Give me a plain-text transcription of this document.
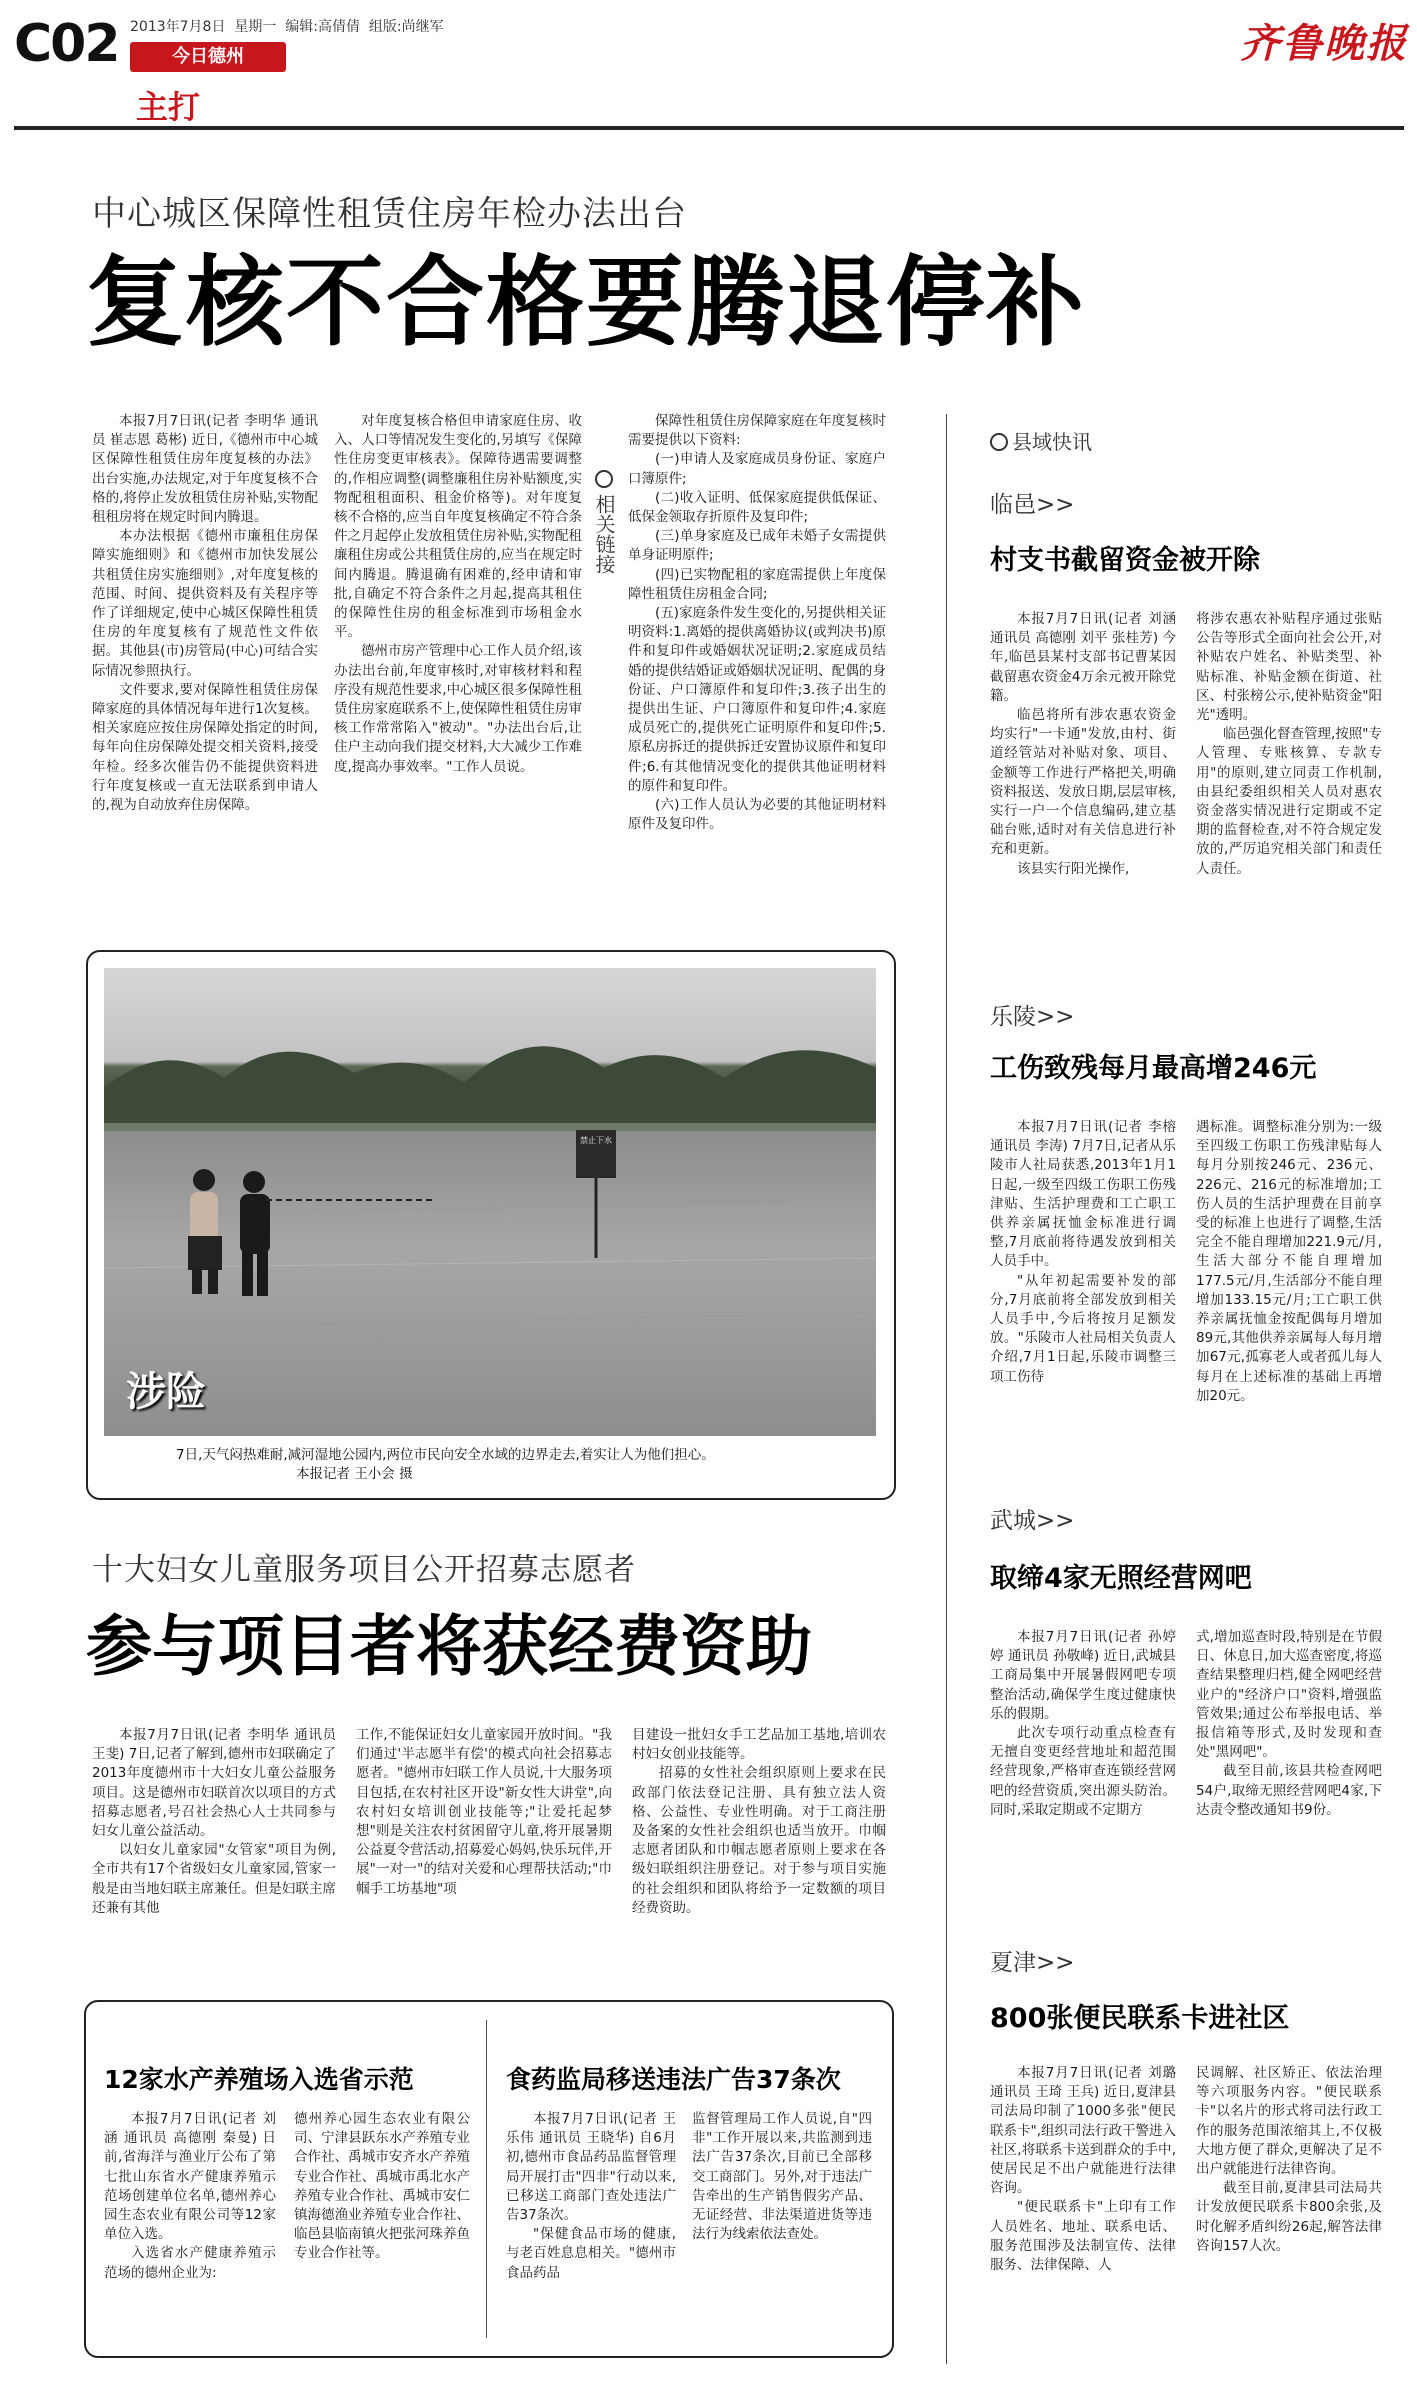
C02 2013年7月8日  星期一  编辑:高倩倩  组版:尚继军
今日德州
主打
齐鲁晚报
中心城区保障性租赁住房年检办法出台
复核不合格要腾退停补

本报7月7日讯(记者 李明华 通讯员 崔志恩 葛彬) 近日,《德州市中心城区保障性租赁住房年度复核的办法》出台实施,办法规定,对于年度复核不合格的,将停止发放租赁住房补贴,实物配租租房将在规定时间内腾退。

本办法根据《德州市廉租住房保障实施细则》和《德州市加快发展公共租赁住房实施细则》,对年度复核的范围、时间、提供资料及有关程序等作了详细规定,使中心城区保障性租赁住房的年度复核有了规范性文件依据。其他县(市)房管局(中心)可结合实际情况参照执行。

文件要求,要对保障性租赁住房保障家庭的具体情况每年进行1次复核。相关家庭应按住房保障处指定的时间,每年向住房保障处提交相关资料,接受年检。经多次催告仍不能提供资料进行年度复核或一直无法联系到申请人的,视为自动放弃住房保障。

对年度复核合格但申请家庭住房、收入、人口等情况发生变化的,另填写《保障性住房变更审核表》。保障待遇需要调整的,作相应调整(调整廉租住房补贴额度,实物配租租面积、租金价格等)。对年度复核不合格的,应当自年度复核确定不符合条件之月起停止发放租赁住房补贴,实物配租廉租住房或公共租赁住房的,应当在规定时间内腾退。腾退确有困难的,经申请和审批,自确定不符合条件之月起,提高其租住的保障性住房的租金标准到市场租金水平。

德州市房产管理中心工作人员介绍,该办法出台前,年度审核时,对审核材料和程序没有规范性要求,中心城区很多保障性租赁住房家庭联系不上,使保障性租赁住房审核工作常常陷入"被动"。"办法出台后,让住户主动向我们提交材料,大大减少工作难度,提高办事效率。"工作人员说。

相关链接

保障性租赁住房保障家庭在年度复核时需要提供以下资料:

(一)申请人及家庭成员身份证、家庭户口簿原件;

(二)收入证明、低保家庭提供低保证、低保金领取存折原件及复印件;

(三)单身家庭及已成年未婚子女需提供单身证明原件;

(四)已实物配租的家庭需提供上年度保障性租赁住房租金合同;

(五)家庭条件发生变化的,另提供相关证明资料:1.离婚的提供离婚协议(或判决书)原件和复印件或婚姻状况证明;2.家庭成员结婚的提供结婚证或婚姻状况证明、配偶的身份证、户口簿原件和复印件;3.孩子出生的提供出生证、户口簿原件和复印件;4.家庭成员死亡的,提供死亡证明原件和复印件;5.原私房拆迁的提供拆迁安置协议原件和复印件;6.有其他情况变化的提供其他证明材料的原件和复印件。

(六)工作人员认为必要的其他证明材料原件及复印件。

禁止下水
涉险
7日,天气闷热难耐,减河湿地公园内,两位市民向安全水域的边界走去,着实让人为他们担心。 本报记者 王小会 摄
十大妇女儿童服务项目公开招募志愿者
参与项目者将获经费资助

本报7月7日讯(记者 李明华 通讯员 王斐) 7日,记者了解到,德州市妇联确定了2013年度德州市十大妇女儿童公益服务项目。这是德州市妇联首次以项目的方式招募志愿者,号召社会热心人士共同参与妇女儿童公益活动。

以妇女儿童家园"女管家"项目为例,全市共有17个省级妇女儿童家园,管家一般是由当地妇联主席兼任。但是妇联主席还兼有其他

工作,不能保证妇女儿童家园开放时间。"我们通过'半志愿半有偿'的模式向社会招募志愿者。"德州市妇联工作人员说,十大服务项目包括,在农村社区开设"新女性大讲堂",向农村妇女培训创业技能等;"让爱托起梦想"则是关注农村贫困留守儿童,将开展暑期公益夏令营活动,招募爱心妈妈,快乐玩伴,开展"一对一"的结对关爱和心理帮扶活动;"巾帼手工坊基地"项

目建设一批妇女手工艺品加工基地,培训农村妇女创业技能等。

招募的女性社会组织原则上要求在民政部门依法登记注册、具有独立法人资格、公益性、专业性明确。对于工商注册及备案的女性社会组织也适当放开。巾帼志愿者团队和巾帼志愿者原则上要求在各级妇联组织注册登记。对于参与项目实施的社会组织和团队将给予一定数额的项目经费资助。

12家水产养殖场入选省示范

本报7月7日讯(记者 刘涵 通讯员 高德刚 秦曼) 日前,省海洋与渔业厅公布了第七批山东省水产健康养殖示范场创建单位名单,德州养心园生态农业有限公司等12家单位入选。

入选省水产健康养殖示范场的德州企业为:

德州养心园生态农业有限公司、宁津县跃东水产养殖专业合作社、禹城市安齐水产养殖专业合作社、禹城市禹北水产养殖专业合作社、禹城市安仁镇海德渔业养殖专业合作社、临邑县临南镇火把张河珠养鱼专业合作社等。

食药监局移送违法广告37条次

本报7月7日讯(记者 王乐伟 通讯员 王晓华) 自6月初,德州市食品药品监督管理局开展打击"四非"行动以来,已移送工商部门查处违法广告37条次。

"保健食品市场的健康,与老百姓息息相关。"德州市食品药品

监督管理局工作人员说,自"四非"工作开展以来,共监测到违法广告37条次,目前已全部移交工商部门。另外,对于违法广告牵出的生产销售假劣产品、无证经营、非法渠道进货等违法行为线索依法查处。

县域快讯
临邑>>
村支书截留资金被开除

本报7月7日讯(记者 刘涵 通讯员 高德刚 刘平 张桂芳) 今年,临邑县某村支部书记曹某因截留惠农资金4万余元被开除党籍。

临邑将所有涉农惠农资金均实行"一卡通"发放,由村、街道经管站对补贴对象、项目、金额等工作进行严格把关,明确资料报送、发放日期,层层审核,实行一户一个信息编码,建立基础台账,适时对有关信息进行补充和更新。

该县实行阳光操作,

将涉农惠农补贴程序通过张贴公告等形式全面向社会公开,对补贴农户姓名、补贴类型、补贴标准、补贴金额在街道、社区、村张榜公示,使补贴资金"阳光"透明。

临邑强化督查管理,按照"专人管理、专账核算、专款专用"的原则,建立同责工作机制,由县纪委组织相关人员对惠农资金落实情况进行定期或不定期的监督检查,对不符合规定发放的,严厉追究相关部门和责任人责任。

乐陵>>
工伤致残每月最高增246元

本报7月7日讯(记者 李榕 通讯员 李涛) 7月7日,记者从乐陵市人社局获悉,2013年1月1日起,一级至四级工伤职工伤残津贴、生活护理费和工亡职工供养亲属抚恤金标准进行调整,7月底前将待遇发放到相关人员手中。

"从年初起需要补发的部分,7月底前将全部发放到相关人员手中,今后将按月足额发放。"乐陵市人社局相关负责人介绍,7月1日起,乐陵市调整三项工伤待

遇标准。调整标准分别为:一级至四级工伤职工伤残津贴每人每月分别按246元、236元、226元、216元的标准增加;工伤人员的生活护理费在目前享受的标准上也进行了调整,生活完全不能自理增加221.9元/月,生活大部分不能自理增加177.5元/月,生活部分不能自理增加133.15元/月;工亡职工供养亲属抚恤金按配偶每月增加89元,其他供养亲属每人每月增加67元,孤寡老人或者孤儿每人每月在上述标准的基础上再增加20元。

武城>>
取缔4家无照经营网吧

本报7月7日讯(记者 孙婷婷 通讯员 孙敬峰) 近日,武城县工商局集中开展暑假网吧专项整治活动,确保学生度过健康快乐的假期。

此次专项行动重点检查有无擅自变更经营地址和超范围经营现象,严格审查连锁经营网吧的经营资质,突出源头防治。同时,采取定期或不定期方

式,增加巡查时段,特别是在节假日、休息日,加大巡查密度,将巡查结果整理归档,健全网吧经营业户的"经济户口"资料,增强监管效果;通过公布举报电话、举报信箱等形式,及时发现和查处"黑网吧"。

截至目前,该县共检查网吧54户,取缔无照经营网吧4家,下达责令整改通知书9份。

夏津>>
800张便民联系卡进社区

本报7月7日讯(记者 刘璐 通讯员 王琦 王兵) 近日,夏津县司法局印制了1000多张"便民联系卡",组织司法行政干警进入社区,将联系卡送到群众的手中,使居民足不出户就能进行法律咨询。

"便民联系卡"上印有工作人员姓名、地址、联系电话、服务范围涉及法制宣传、法律服务、法律保障、人

民调解、社区矫正、依法治理等六项服务内容。"便民联系卡"以名片的形式将司法行政工作的服务范围浓缩其上,不仅极大地方便了群众,更解决了足不出户就能进行法律咨询。

截至目前,夏津县司法局共计发放便民联系卡800余张,及时化解矛盾纠纷26起,解答法律咨询157人次。
